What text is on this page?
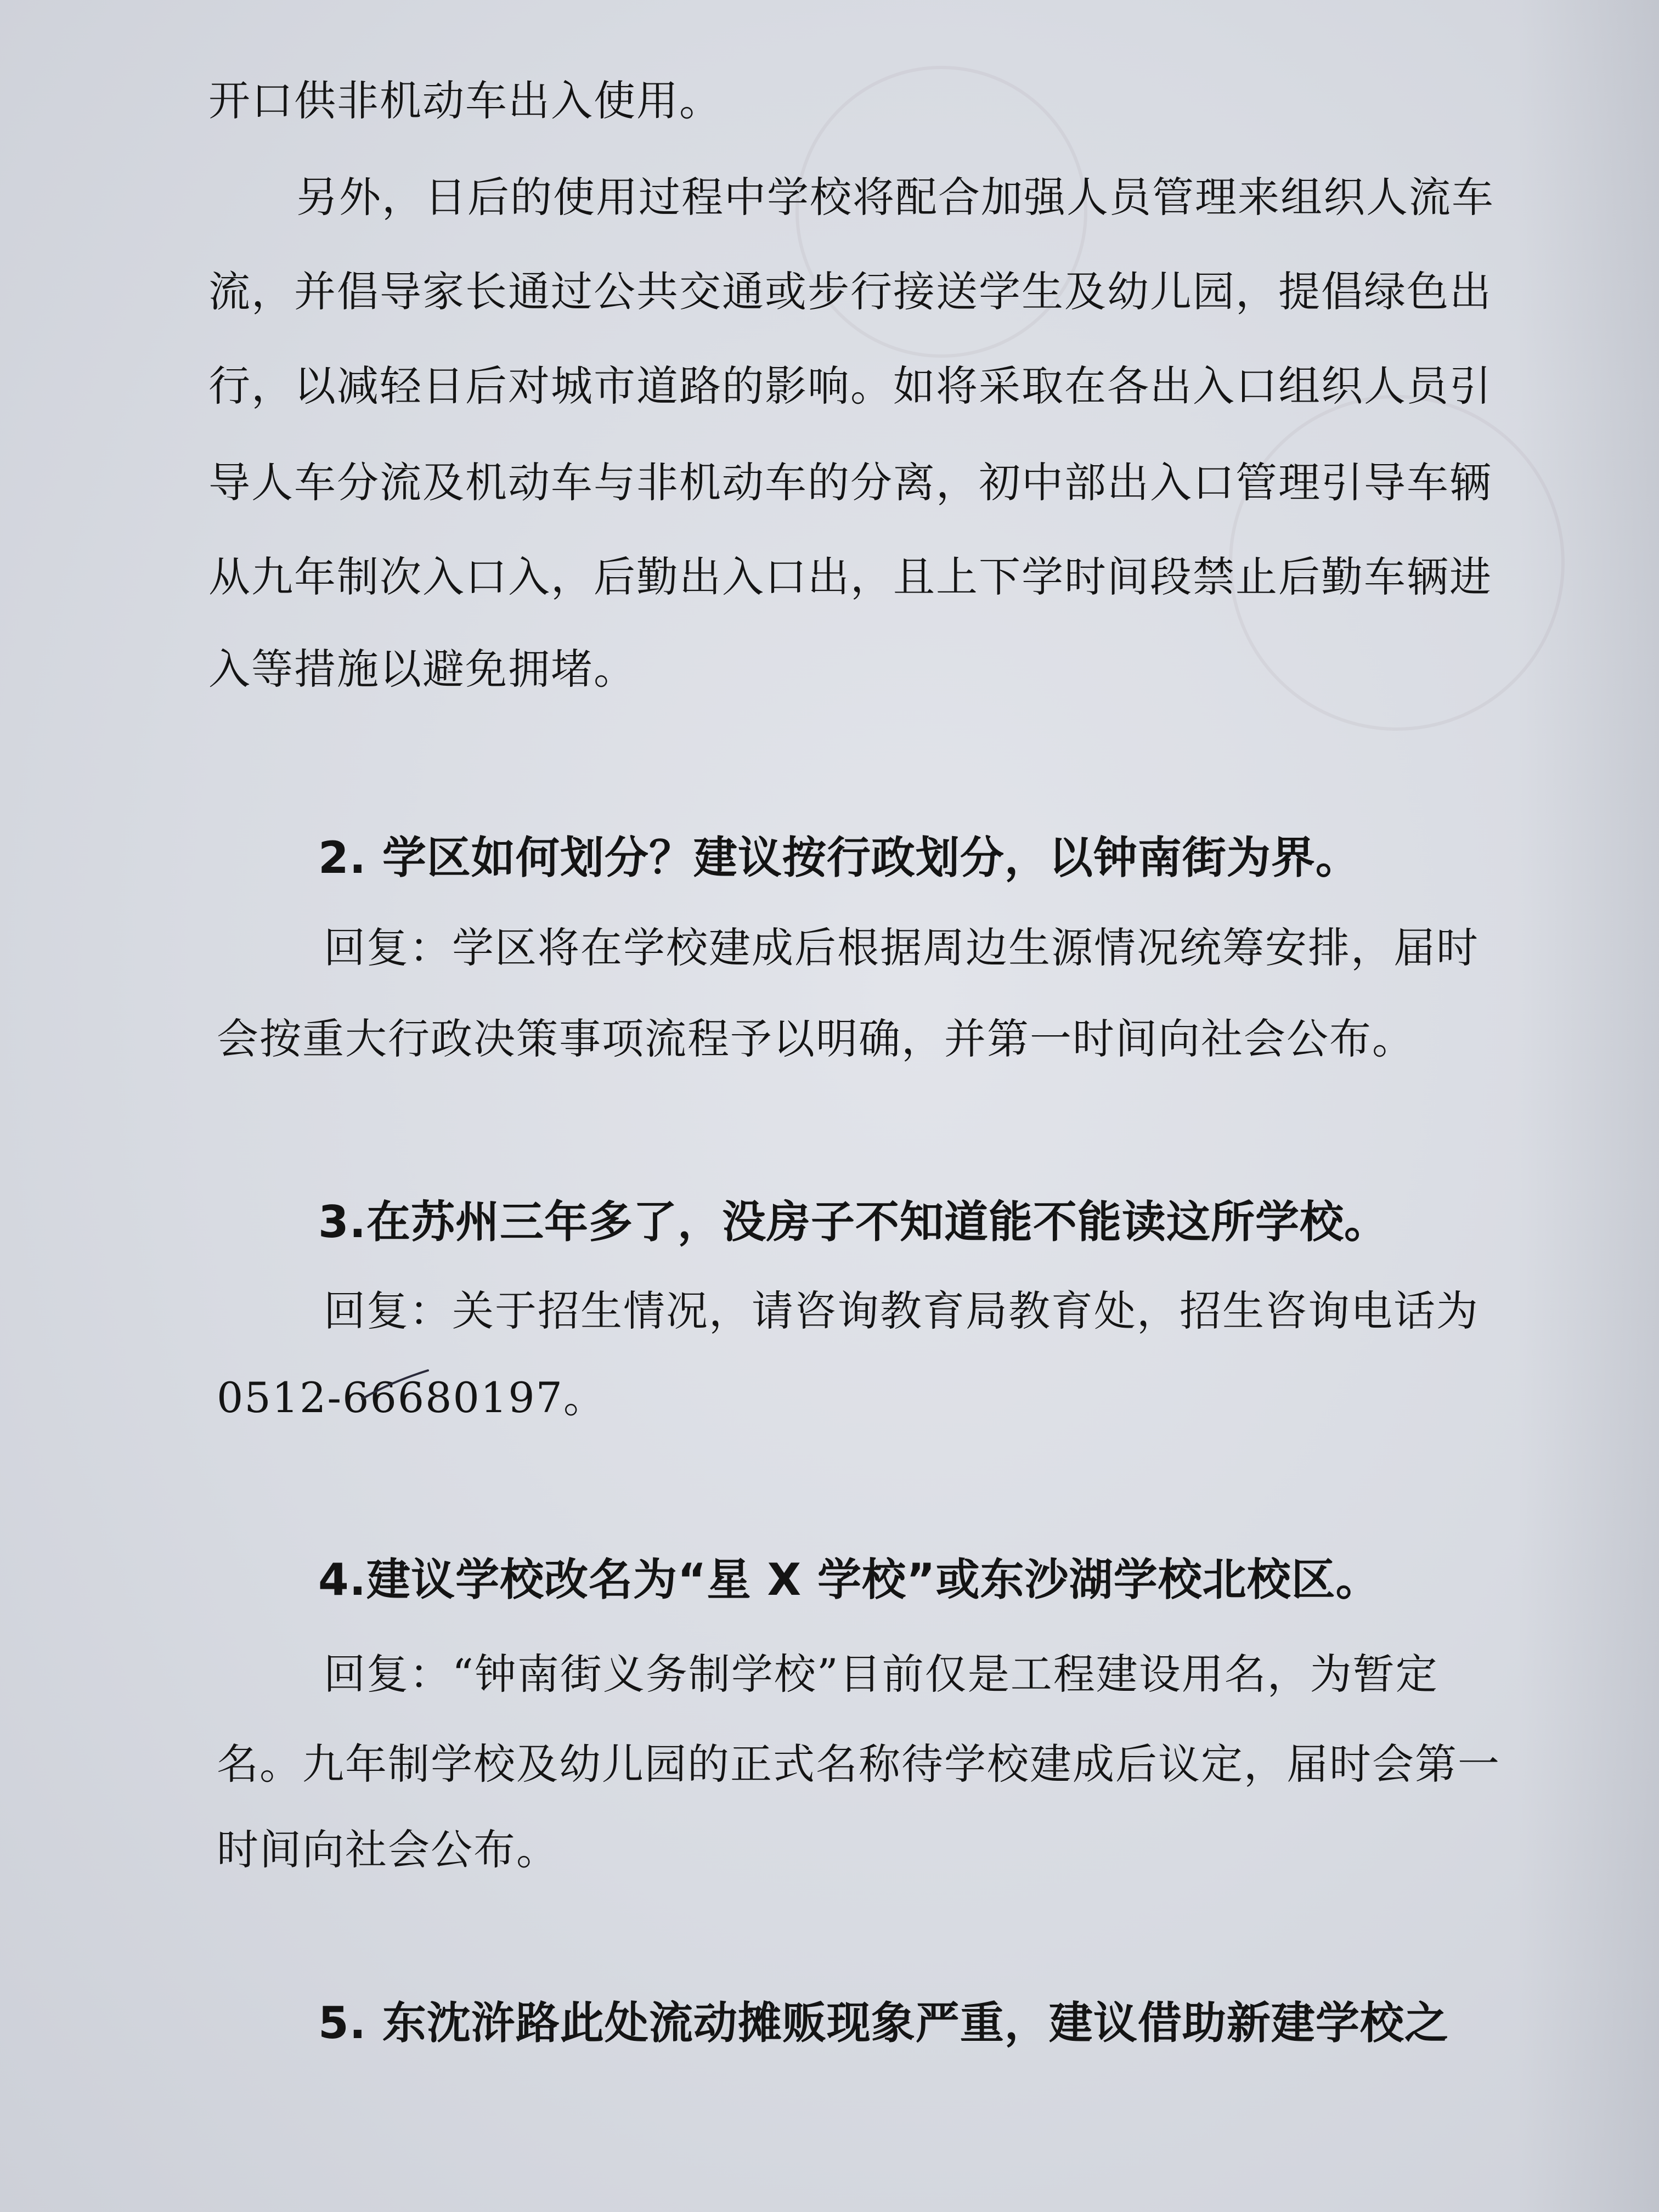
开口供非机动车出入使用。
另外，日后的使用过程中学校将配合加强人员管理来组织人流车
流，并倡导家长通过公共交通或步行接送学生及幼儿园，提倡绿色出
行，以减轻日后对城市道路的影响。如将采取在各出入口组织人员引
导人车分流及机动车与非机动车的分离，初中部出入口管理引导车辆
从九年制次入口入，后勤出入口出，且上下学时间段禁止后勤车辆进
入等措施以避免拥堵。
2. 学区如何划分？建议按行政划分，以钟南街为界。
回复：学区将在学校建成后根据周边生源情况统筹安排，届时
会按重大行政决策事项流程予以明确，并第一时间向社会公布。
3.在苏州三年多了，没房子不知道能不能读这所学校。
回复：关于招生情况，请咨询教育局教育处，招生咨询电话为
0512-66680197。
4.建议学校改名为“星 X 学校”或东沙湖学校北校区。
回复：“钟南街义务制学校”目前仅是工程建设用名，为暂定
名。九年制学校及幼儿园的正式名称待学校建成后议定，届时会第一
时间向社会公布。
5. 东沈浒路此处流动摊贩现象严重，建议借助新建学校之
